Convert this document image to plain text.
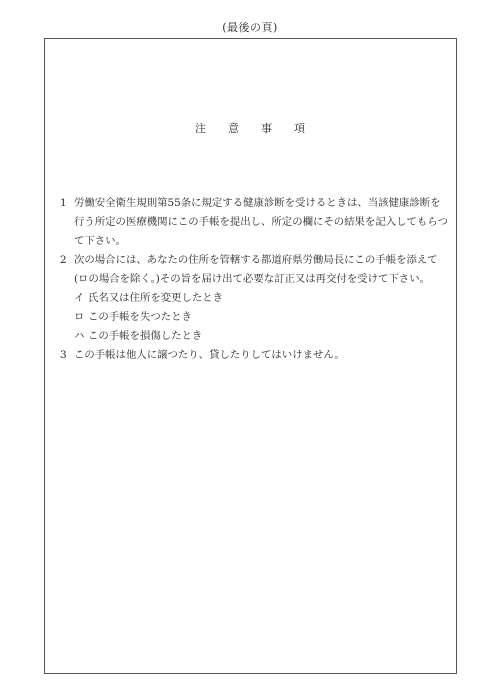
(最後の頁)
注意事項

1 労働安全衛生規則第55条に規定する健康診断を受けるときは、当該健康診断を行う所定の医療機関にこの手帳を提出し、所定の欄にその結果を記入してもらつて下さい。

2 次の場合には、あなたの住所を管轄する都道府県労働局長にこの手帳を添えて(ロの場合を除く。)その旨を届け出て必要な訂正又は再交付を受けて下さい。

イ 氏名又は住所を変更したとき

ロ この手帳を失つたとき

ハ この手帳を損傷したとき

3 この手帳は他人に譲つたり、貸したりしてはいけません。
